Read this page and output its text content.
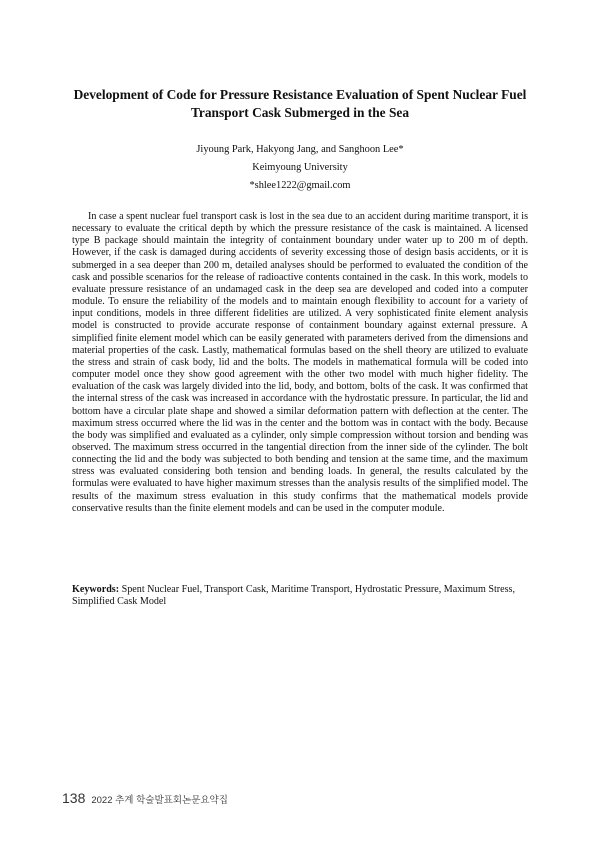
Development of Code for Pressure Resistance Evaluation of Spent Nuclear Fuel Transport Cask Submerged in the Sea
Jiyoung Park, Hakyong Jang, and Sanghoon Lee*
Keimyoung University
*shlee1222@gmail.com

In case a spent nuclear fuel transport cask is lost in the sea due to an accident during maritime transport, it is necessary to evaluate the critical depth by which the pressure resistance of the cask is maintained. A licensed type B package should maintain the integrity of containment boundary under water up to 200 m of depth. However, if the cask is damaged during accidents of severity excessing those of design basis accidents, or it is submerged in a sea deeper than 200 m, detailed analyses should be performed to evaluated the condition of the cask and possible scenarios for the release of radioactive contents contained in the cask. In this work, models to evaluate pressure resistance of an undamaged cask in the deep sea are developed and coded into a computer module. To ensure the reliability of the models and to maintain enough flexibility to account for a variety of input conditions, models in three different fidelities are utilized. A very sophisticated finite element analysis model is constructed to provide accurate response of containment boundary against external pressure. A simplified finite element model which can be easily generated with parameters derived from the dimensions and material properties of the cask. Lastly, mathematical formulas based on the shell theory are utilized to evaluate the stress and strain of cask body, lid and the bolts. The models in mathematical formula will be coded into computer model once they show good agreement with the other two model with much higher fidelity. The evaluation of the cask was largely divided into the lid, body, and bottom, bolts of the cask. It was confirmed that the internal stress of the cask was increased in accordance with the hydrostatic pressure. In particular, the lid and bottom have a circular plate shape and showed a similar deformation pattern with deflection at the center. The maximum stress occurred where the lid was in the center and the bottom was in contact with the body. Because the body was simplified and evaluated as a cylinder, only simple compression without torsion and bending was observed. The maximum stress occurred in the tangential direction from the inner side of the cylinder. The bolt connecting the lid and the body was subjected to both bending and tension at the same time, and the maximum stress was evaluated considering both tension and bending loads. In general, the results calculated by the formulas were evaluated to have higher maximum stresses than the analysis results of the simplified model. The results of the maximum stress evaluation in this study confirms that the mathematical models provide conservative results than the finite element models and can be used in the computer module.

Keywords: Spent Nuclear Fuel, Transport Cask, Maritime Transport, Hydrostatic Pressure, Maximum Stress, Simplified Cask Model

138 2022 추계 학술발표회논문요약집
